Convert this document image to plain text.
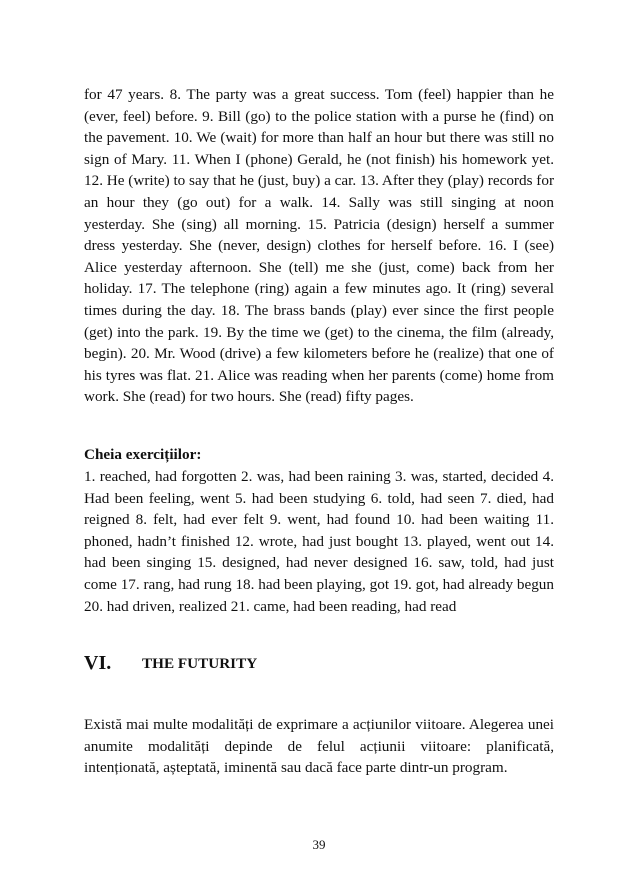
for 47 years. 8. The party was a great success. Tom (feel) happier than he (ever, feel) before. 9. Bill (go) to the police station with a purse he (find) on the pavement. 10. We (wait) for more than half an hour but there was still no sign of Mary. 11. When I (phone) Gerald, he (not finish) his homework yet. 12. He (write) to say that he (just, buy) a car. 13. After they (play) records for an hour they (go out) for a walk. 14. Sally was still singing at noon yesterday. She (sing) all morning. 15. Patricia (design) herself a summer dress yesterday. She (never, design) clothes for herself before. 16. I (see) Alice yesterday afternoon. She (tell) me she (just, come) back from her holiday. 17. The telephone (ring) again a few minutes ago. It (ring) several times during the day. 18. The brass bands (play) ever since the first people (get) into the park. 19. By the time we (get) to the cinema, the film (already, begin). 20. Mr. Wood (drive) a few kilometers before he (realize) that one of his tyres was flat. 21. Alice was reading when her parents (come) home from work. She (read) for two hours. She (read) fifty pages.

Cheia exercițiilor:

1. reached, had forgotten 2. was, had been raining 3. was, started, decided 4. Had been feeling, went 5. had been studying 6. told, had seen 7. died, had reigned 8. felt, had ever felt 9. went, had found 10. had been waiting 11. phoned, hadn’t finished 12. wrote, had just bought 13. played, went out 14. had been singing 15. designed, had never designed 16. saw, told, had just come 17. rang, had rung 18. had been playing, got 19. got, had already begun 20. had driven, realized 21. came, had been reading, had read

VI. THE FUTURITY

Există mai multe modalități de exprimare a acțiunilor viitoare. Alegerea unei anumite modalități depinde de felul acțiunii viitoare: planificată, intenționată, așteptată, iminentă sau dacă face parte dintr-un program.

39
